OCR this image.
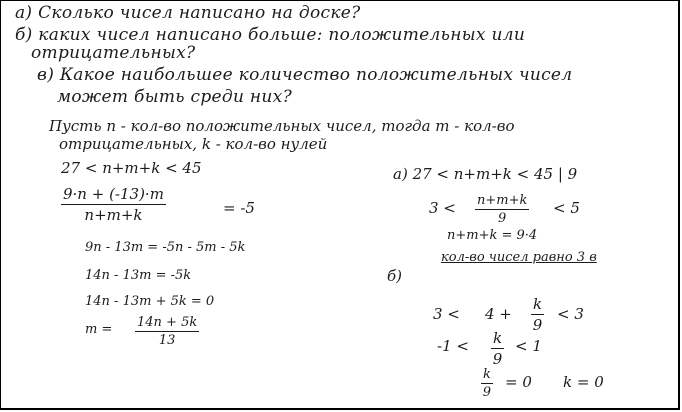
а) Сколько чисел написано на доске?
б) каких чисел написано больше: положительных или
отрицательных?
в) Какое наибольшее количество положительных чисел
может быть среди них?
Пусть n - кол-во положительных чисел, тогда m - кол-во
отрицательных, k - кол-во нулей
27 < n+m+k < 45
$\frac{9\cdot n + (-13)\cdot m}{n+m+k}$	= -5
9n - 13m = -5n - 5m - 5k
14n - 13m = -5k
14n - 13m + 5k = 0
$m = \frac{14n + 5k}{13}$
а) 27 < n+m+k < 45 | 9
$3 < \frac{n+m+k}{9} < 5$
n+m+k = 9·4
кол-во чисел равно 3 в
б)
$3 < 4 + \frac{k}{9} < 3$
$-1 < \frac{k}{9} < 1$
$\frac{k}{9} = 0$ k = 0
